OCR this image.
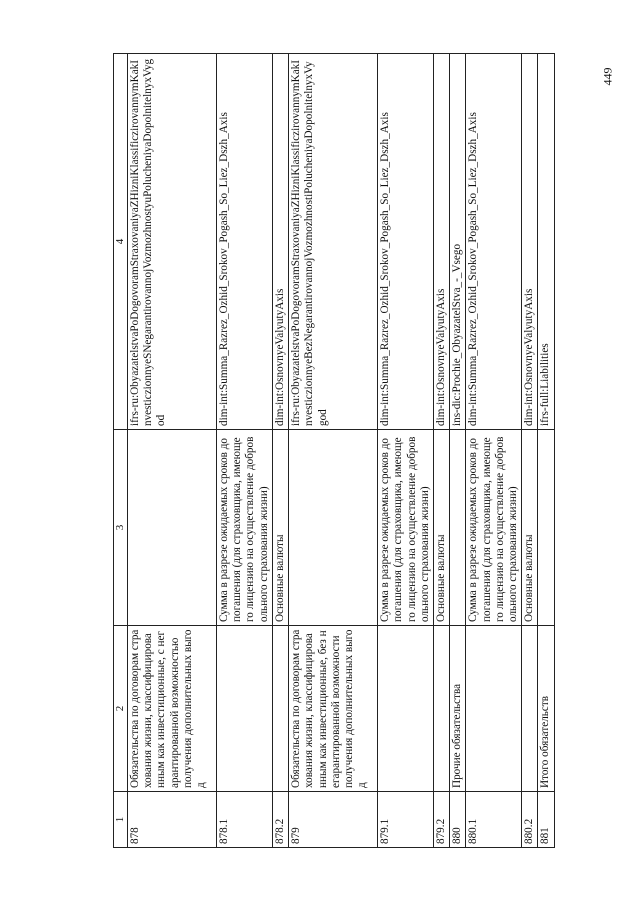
449
1	2	3	4
878	Обязательства по договорам страхования жизни, классифицированным как инвестиционные, с негарантированной возможностью получения дополнительных выгод		ifrs-ru:ObyazatelstvaPoDogovoramStraxovaniyaZHizniKlassificzirovannymKakInvesticzionnyeSNegarantirovannojVozmozhnostyuPolucheniyaDopolnitelnyxVygod
878.1		Сумма в разрезе ожидаемых сроков до погашения (для страховщика, имеющего лицензию на осуществление добровольного страхования жизни)	dim-int:Summa_Razrez_Ozhid_Srokov_Pogash_So_Liez_Dszh_Axis
878.2		Основные валюты	dim-int:OsnovnyeValyutyAxis
879	Обязательства по договорам страхования жизни, классифицированным как инвестиционные, без негарантированной возможности получения дополнительных выгод		ifrs-ru:ObyazatelstvaPoDogovoramStraxovaniyaZHizniKlassificzirovannymKakInvesticzionnyeBezNegarantirovannojVozmozhnostiPolucheniyaDopolnitelnyxVygod
879.1		Сумма в разрезе ожидаемых сроков до погашения (для страховщика, имеющего лицензию на осуществление добровольного страхования жизни)	dim-int:Summa_Razrez_Ozhid_Srokov_Pogash_So_Liez_Dszh_Axis
879.2		Основные валюты	dim-int:OsnovnyeValyutyAxis
880	Прочие обязательства		ins-dic:Prochie_ObyazatelStva_-_Vsego
880.1		Сумма в разрезе ожидаемых сроков до погашения (для страховщика, имеющего лицензию на осуществление добровольного страхования жизни)	dim-int:Summa_Razrez_Ozhid_Srokov_Pogash_So_Liez_Dszh_Axis
880.2		Основные валюты	dim-int:OsnovnyeValyutyAxis
881	Итого обязательств		ifrs-full:Liabilities
